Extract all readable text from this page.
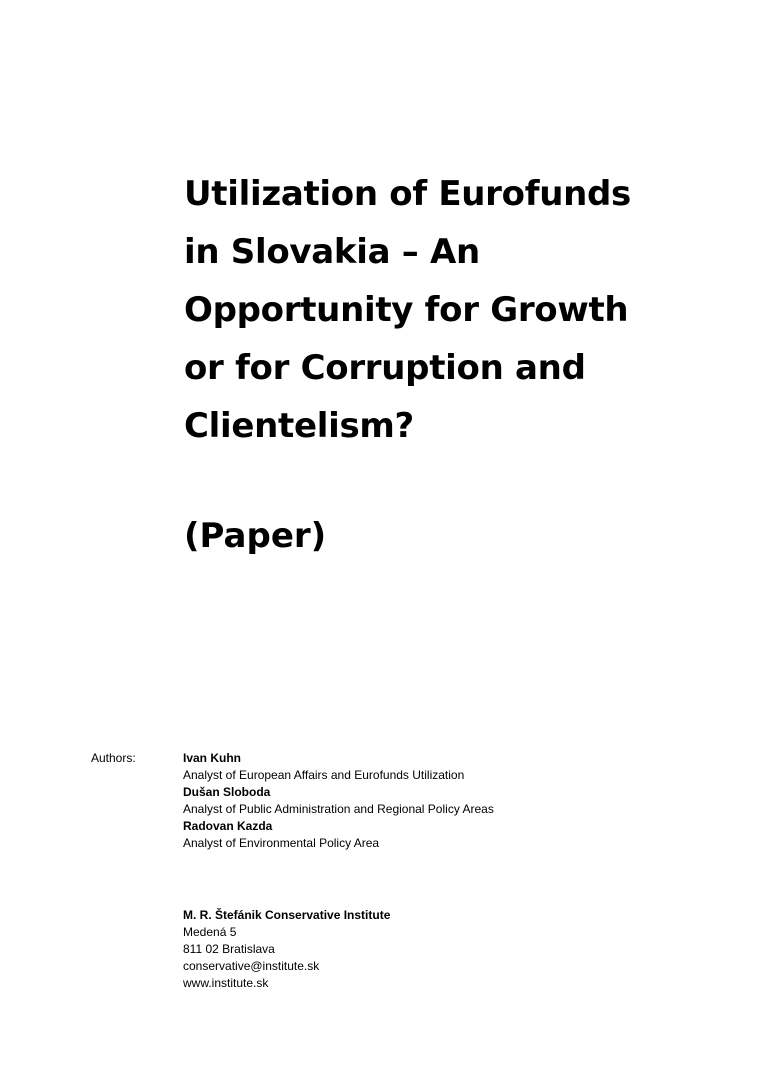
Utilization of Eurofunds
in Slovakia – An
Opportunity for Growth
or for Corruption and
Clientelism?
(Paper)
Authors:	Ivan Kuhn
Analyst of European Affairs and Eurofunds Utilization
Dušan Sloboda
Analyst of Public Administration and Regional Policy Areas
Radovan Kazda
Analyst of Environmental Policy Area
M. R. Štefánik Conservative Institute
Medená 5
811 02 Bratislava
conservative@institute.sk
www.institute.sk
